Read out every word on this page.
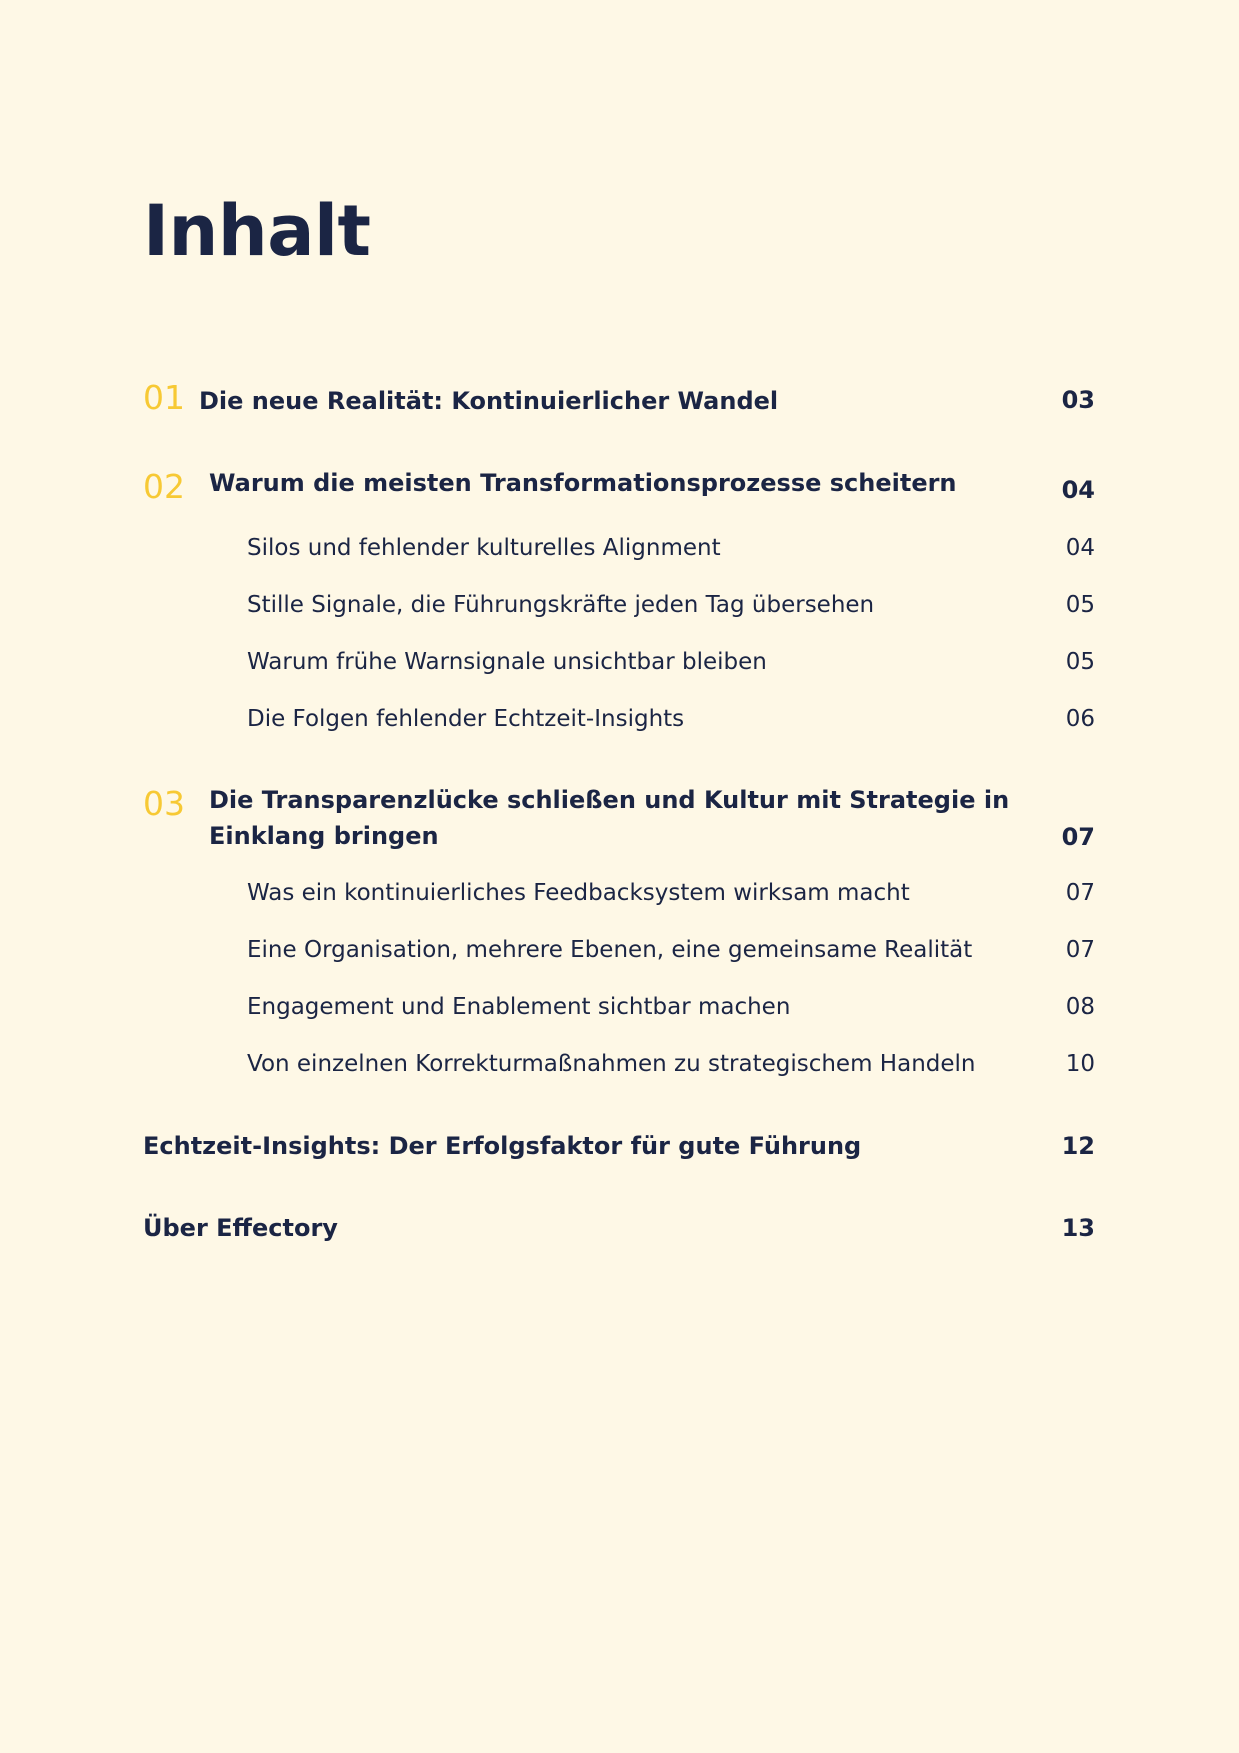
Inhalt
01 Die neue Realität: Kontinuierlicher Wandel	03
02 Warum die meisten Transformationsprozesse scheitern	04
Silos und fehlender kulturelles Alignment	04
Stille Signale, die Führungskräfte jeden Tag übersehen	05
Warum frühe Warnsignale unsichtbar bleiben	05
Die Folgen fehlender Echtzeit-Insights	06
03 Die Transparenzlücke schließen und Kultur mit Strategie in
Einklang bringen	07
Was ein kontinuierliches Feedbacksystem wirksam macht	07
Eine Organisation, mehrere Ebenen, eine gemeinsame Realität	07
Engagement und Enablement sichtbar machen	08
Von einzelnen Korrekturmaßnahmen zu strategischem Handeln	10
Echtzeit-Insights: Der Erfolgsfaktor für gute Führung	12
Über Effectory	13
